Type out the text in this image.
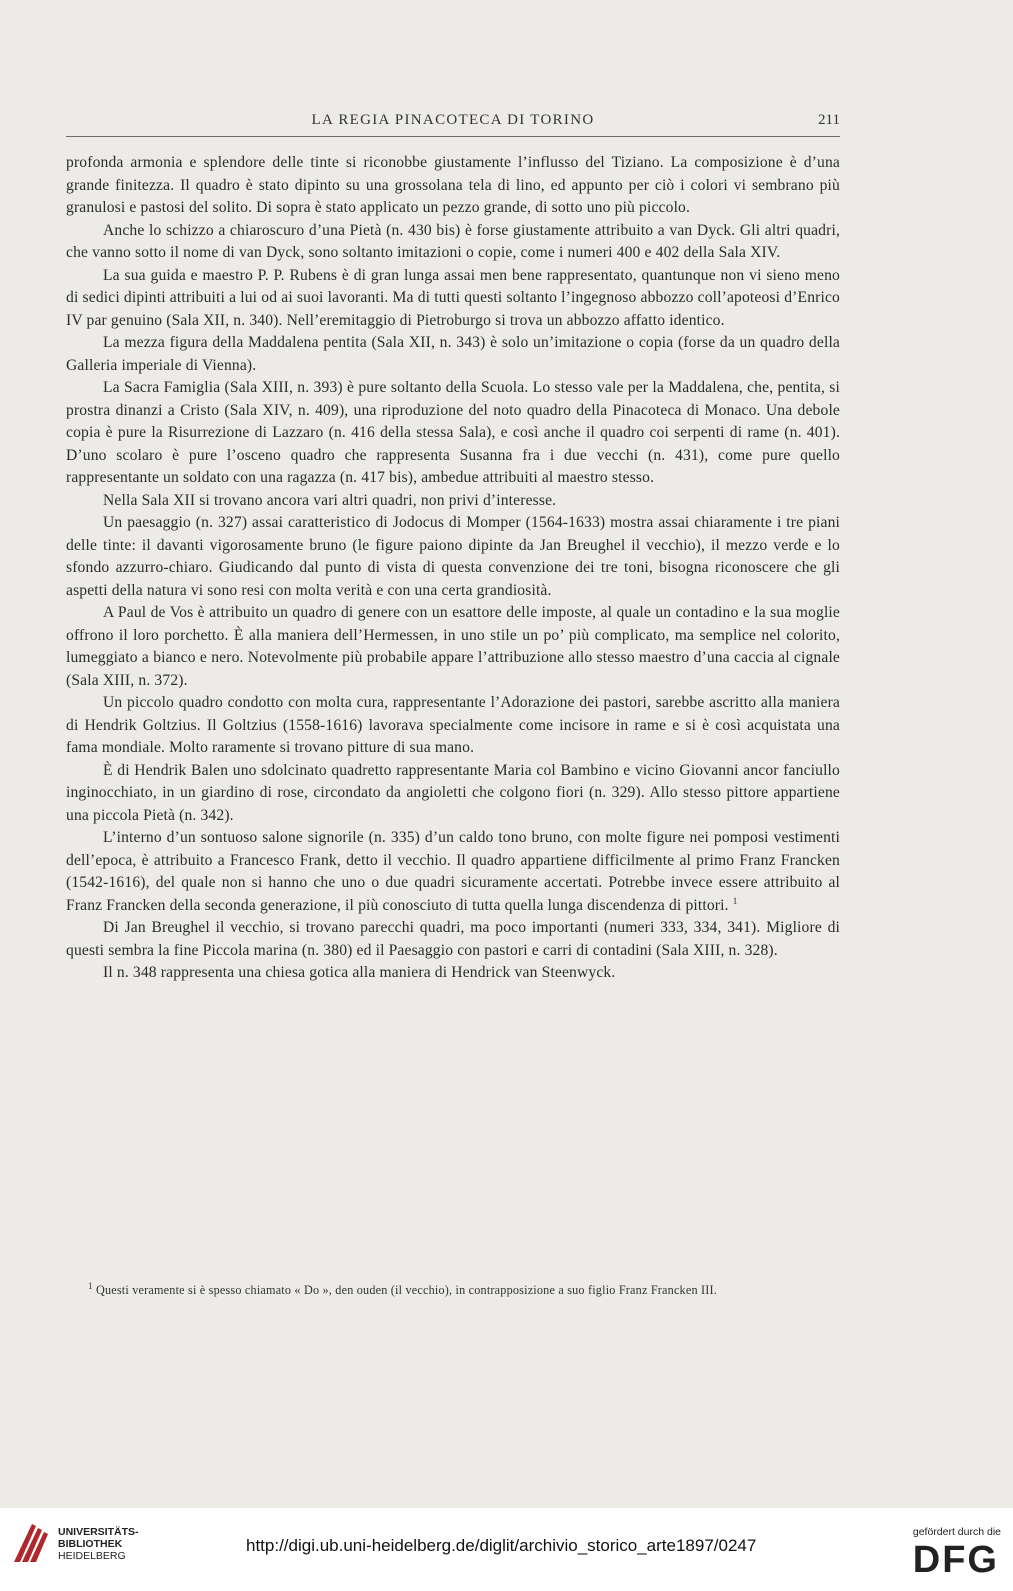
LA REGIA PINACOTECA DI TORINO	211

profonda armonia e splendore delle tinte si riconobbe giustamente l’influsso del Tiziano. La composizione è d’una grande finitezza. Il quadro è stato dipinto su una grossolana tela di lino, ed appunto per ciò i colori vi sembrano più granulosi e pastosi del solito. Di sopra è stato applicato un pezzo grande, di sotto uno più piccolo.

Anche lo schizzo a chiaroscuro d’una Pietà (n. 430 bis) è forse giustamente attribuito a van Dyck. Gli altri quadri, che vanno sotto il nome di van Dyck, sono soltanto imitazioni o copie, come i numeri 400 e 402 della Sala XIV.

La sua guida e maestro P. P. Rubens è di gran lunga assai men bene rappresentato, quantunque non vi sieno meno di sedici dipinti attribuiti a lui od ai suoi lavoranti. Ma di tutti questi soltanto l’ingegnoso abbozzo coll’apoteosi d’Enrico IV par genuino (Sala XII, n. 340). Nell’eremitaggio di Pietroburgo si trova un abbozzo affatto identico.

La mezza figura della Maddalena pentita (Sala XII, n. 343) è solo un’imitazione o copia (forse da un quadro della Galleria imperiale di Vienna).

La Sacra Famiglia (Sala XIII, n. 393) è pure soltanto della Scuola. Lo stesso vale per la Maddalena, che, pentita, si prostra dinanzi a Cristo (Sala XIV, n. 409), una riproduzione del noto quadro della Pinacoteca di Monaco. Una debole copia è pure la Risurrezione di Lazzaro (n. 416 della stessa Sala), e così anche il quadro coi serpenti di rame (n. 401). D’uno scolaro è pure l’osceno quadro che rappresenta Susanna fra i due vecchi (n. 431), come pure quello rappresentante un soldato con una ragazza (n. 417 bis), ambedue attribuiti al maestro stesso.

Nella Sala XII si trovano ancora vari altri quadri, non privi d’interesse.

Un paesaggio (n. 327) assai caratteristico di Jodocus di Momper (1564-1633) mostra assai chiaramente i tre piani delle tinte: il davanti vigorosamente bruno (le figure paiono dipinte da Jan Breughel il vecchio), il mezzo verde e lo sfondo azzurro-chiaro. Giudicando dal punto di vista di questa convenzione dei tre toni, bisogna riconoscere che gli aspetti della natura vi sono resi con molta verità e con una certa grandiosità.

A Paul de Vos è attribuito un quadro di genere con un esattore delle imposte, al quale un contadino e la sua moglie offrono il loro porchetto. È alla maniera dell’Hermessen, in uno stile un po’ più complicato, ma semplice nel colorito, lumeggiato a bianco e nero. Notevolmente più probabile appare l’attribuzione allo stesso maestro d’una caccia al cignale (Sala XIII, n. 372).

Un piccolo quadro condotto con molta cura, rappresentante l’Adorazione dei pastori, sarebbe ascritto alla maniera di Hendrik Goltzius. Il Goltzius (1558-1616) lavorava specialmente come incisore in rame e si è così acquistata una fama mondiale. Molto raramente si trovano pitture di sua mano.

È di Hendrik Balen uno sdolcinato quadretto rappresentante Maria col Bambino e vicino Giovanni ancor fanciullo inginocchiato, in un giardino di rose, circondato da angioletti che colgono fiori (n. 329). Allo stesso pittore appartiene una piccola Pietà (n. 342).

L’interno d’un sontuoso salone signorile (n. 335) d’un caldo tono bruno, con molte figure nei pomposi vestimenti dell’epoca, è attribuito a Francesco Frank, detto il vecchio. Il quadro appartiene difficilmente al primo Franz Francken (1542-1616), del quale non si hanno che uno o due quadri sicuramente accertati. Potrebbe invece essere attribuito al Franz Francken della seconda generazione, il più conosciuto di tutta quella lunga discendenza di pittori. $^1$

Di Jan Breughel il vecchio, si trovano parecchi quadri, ma poco importanti (numeri 333, 334, 341). Migliore di questi sembra la fine Piccola marina (n. 380) ed il Paesaggio con pastori e carri di contadini (Sala XIII, n. 328).

Il n. 348 rappresenta una chiesa gotica alla maniera di Hendrick van Steenwyck.

$^1$ Questi veramente si è spesso chiamato « Do », den ouden (il vecchio), in contrapposizione a suo figlio Franz Francken III.

UNIVERSITÄTS-
BIBLIOTHEK
HEIDELBERG
http://digi.ub.uni-heidelberg.de/diglit/archivio_storico_arte1897/0247
gefördert durch die
DFG
